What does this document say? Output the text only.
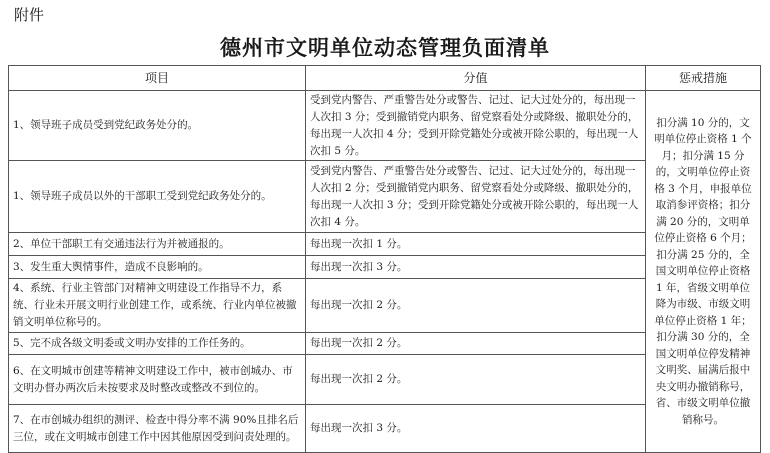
附件
德州市文明单位动态管理负面清单
项目	分值	惩戒措施
1、领导班子成员受到党纪政务处分的。	受到党内警告、严重警告处分或警告、记过、记大过处分的，每出现一人次扣 3 分；受到撤销党内职务、留党察看处分或降级、撤职处分的，每出现一人次扣 4 分；受到开除党籍处分或被开除公职的，每出现一人次扣 5 分。	扣分满 10 分的，文明单位停止资格 1 个月；扣分满 15 分的，文明单位停止资格 3 个月，申报单位取消参评资格；扣分满 20 分的，文明单位停止资格 6 个月；扣分满 25 分的，全国文明单位停止资格 1 年，省级文明单位降为市级、市级文明单位停止资格 1 年；扣分满 30 分的，全国文明单位停发精神文明奖、届满后报中央文明办撤销称号，省、市级文明单位撤销称号。
1、领导班子成员以外的干部职工受到党纪政务处分的。	受到党内警告、严重警告处分或警告、记过、记大过处分的，每出现一人次扣 2 分；受到撤销党内职务、留党察看处分或降级、撤职处分的，每出现一人次扣 3 分；受到开除党籍处分或被开除公职的，每出现一人次扣 4 分。	
2、单位干部职工有交通违法行为并被通报的。	每出现一次扣 1 分。	
3、发生重大舆情事件，造成不良影响的。	每出现一次扣 3 分。	
4、系统、行业主管部门对精神文明建设工作指导不力，系统、行业未开展文明行业创建工作，或系统、行业内单位被撤销文明单位称号的。	每出现一次扣 2 分。	
5、完不成各级文明委或文明办安排的工作任务的。	每出现一次扣 2 分。	
6、在文明城市创建等精神文明建设工作中，被市创城办、市文明办督办两次后未按要求及时整改或整改不到位的。	每出现一次扣 2 分。	
7、在市创城办组织的测评、检查中得分率不满 90%且排名后三位，或在文明城市创建工作中因其他原因受到问责处理的。	每出现一次扣 3 分。	
